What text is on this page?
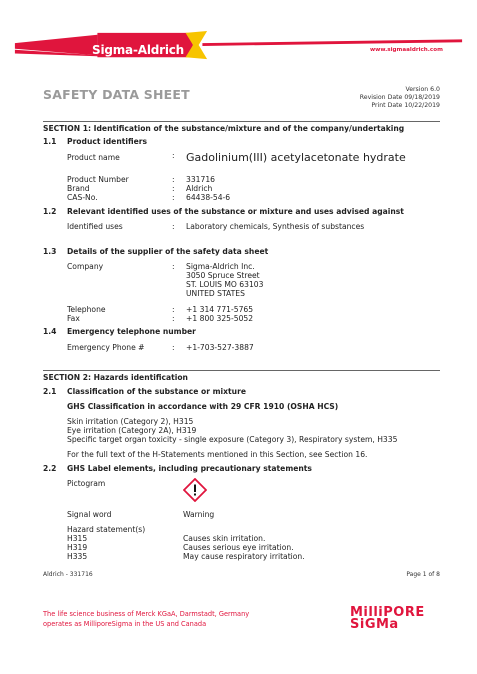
Sigma-Aldrich	www.sigmaaldrich.com
SAFETY DATA SHEET	Version 6.0
Revision Date 09/18/2019
Print Date 10/22/2019
SECTION 1: Identification of the substance/mixture and of the company/undertaking
1.1 Product identifiers
Product name	: Gadolinium(III) acetylacetonate hydrate
Product Number	: 331716
Brand	: Aldrich
CAS-No.	: 64438-54-6
1.2 Relevant identified uses of the substance or mixture and uses advised against
Identified uses	: Laboratory chemicals, Synthesis of substances
1.3 Details of the supplier of the safety data sheet
Company	: Sigma-Aldrich Inc.
3050 Spruce Street
ST. LOUIS MO 63103
UNITED STATES
Telephone	: +1 314 771-5765
Fax	: +1 800 325-5052
1.4 Emergency telephone number
Emergency Phone #	: +1-703-527-3887
SECTION 2: Hazards identification
2.1 Classification of the substance or mixture
GHS Classification in accordance with 29 CFR 1910 (OSHA HCS)
Skin irritation (Category 2), H315
Eye irritation (Category 2A), H319
Specific target organ toxicity - single exposure (Category 3), Respiratory system, H335
For the full text of the H-Statements mentioned in this Section, see Section 16.
2.2 GHS Label elements, including precautionary statements
Pictogram
Signal word	Warning
Hazard statement(s)
H315	Causes skin irritation.
H319	Causes serious eye irritation.
H335	May cause respiratory irritation.
Aldrich - 331716	Page 1 of 8
The life science business of Merck KGaA, Darmstadt, Germany
operates as MilliporeSigma in the US and Canada
MilliPORE
SiGMa
